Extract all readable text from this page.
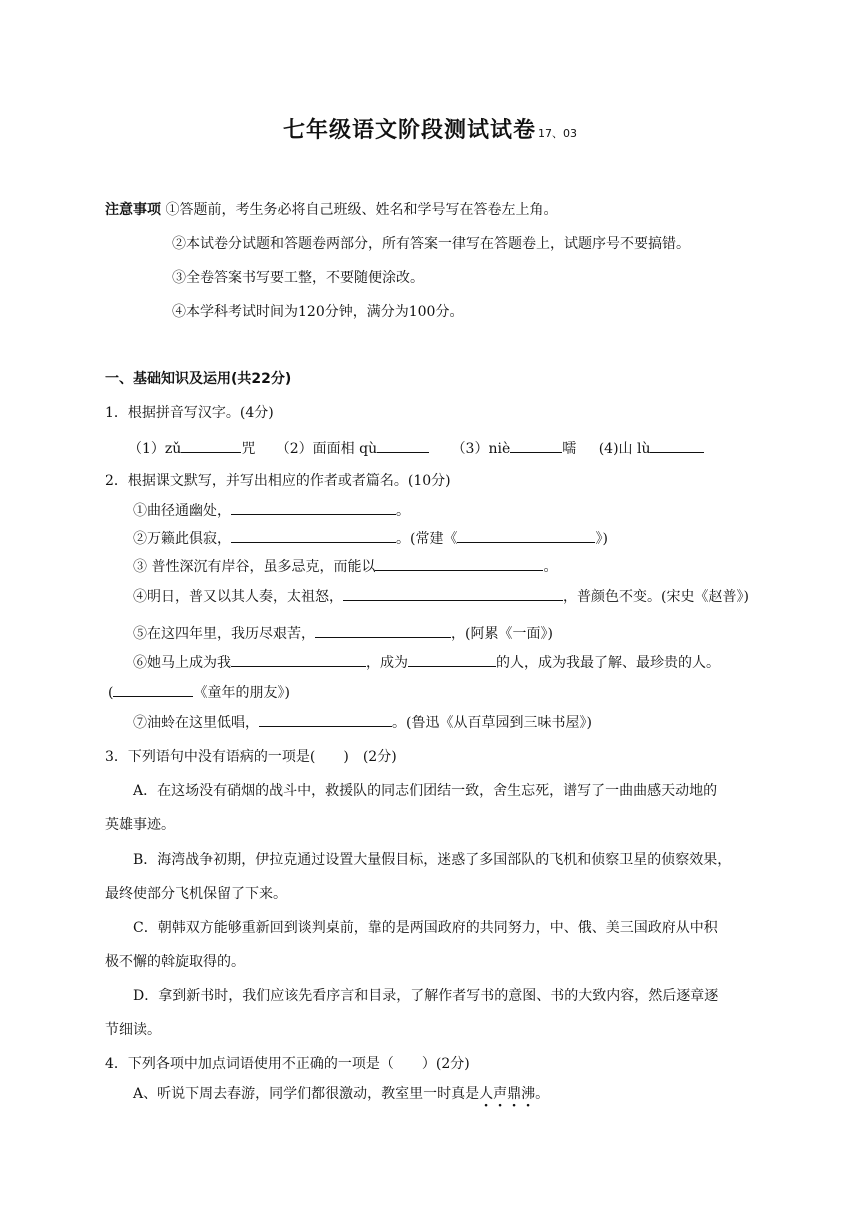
七年级语文阶段测试试卷 17、03
注意事项 ①答题前，考生务必将自己班级、姓名和学号写在答卷左上角。
②本试卷分试题和答题卷两部分，所有答案一律写在答题卷上，试题序号不要搞错。
③全卷答案书写要工整，不要随便涂改。
④本学科考试时间为120分钟，满分为100分。
一、基础知识及运用(共22分)
1．根据拼音写汉字。(4分)
（1）zǔ	咒 （2）面面相 qù	（3）niè	嚅 (4)山 lù
2．根据课文默写，并写出相应的作者或者篇名。(10分)
①曲径通幽处，	。
②万籁此俱寂，	。(常建《	》)
③ 普性深沉有岸谷，虽多忌克，而能以	。
④明日，普又以其人奏，太祖怒，	，普颜色不变。(宋史《赵普》)
⑤在这四年里，我历尽艰苦，	，(阿累《一面》)
⑥她马上成为我	，成为	的人，成为我最了解、最珍贵的人。
(	《童年的朋友》)
⑦油蛉在这里低唱，	。(鲁迅《从百草园到三味书屋》)
3．下列语句中没有语病的一项是(　　)　(2分)
A．在这场没有硝烟的战斗中，救援队的同志们团结一致，舍生忘死，谱写了一曲曲感天动地的
英雄事迹。
B．海湾战争初期，伊拉克通过设置大量假目标，迷惑了多国部队的飞机和侦察卫星的侦察效果，
最终使部分飞机保留了下来。
C．朝韩双方能够重新回到谈判桌前，靠的是两国政府的共同努力，中、俄、美三国政府从中积
极不懈的斡旋取得的。
D．拿到新书时，我们应该先看序言和目录，了解作者写书的意图、书的大致内容，然后逐章逐
节细读。
4．下列各项中加点词语使用不正确的一项是（　　）(2分)
A、听说下周去春游，同学们都很激动，教室里一时真是人声鼎沸。
